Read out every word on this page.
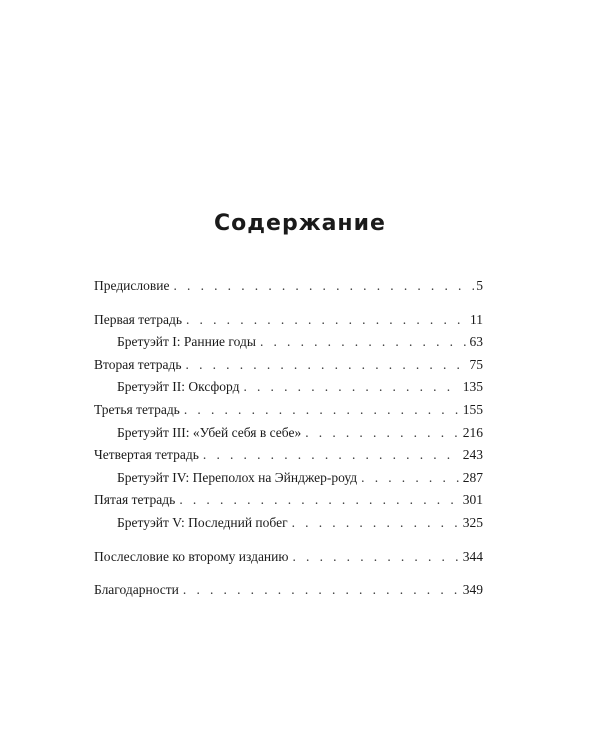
Содержание
Предисловие . . .	5
Первая тетрадь . . .	11
Бретуэйт I: Ранние годы . . .	63
Вторая тетрадь . . .	75
Бретуэйт II: Оксфорд . . .	135
Третья тетрадь . . .	155
Бретуэйт III: «Убей себя в себе» . . .	216
Четвертая тетрадь . . .	243
Бретуэйт IV: Переполох на Эйнджер-роуд . . .	287
Пятая тетрадь . . .	301
Бретуэйт V: Последний побег . . .	325
Послесловие ко второму изданию . . .	344
Благодарности . . .	349
